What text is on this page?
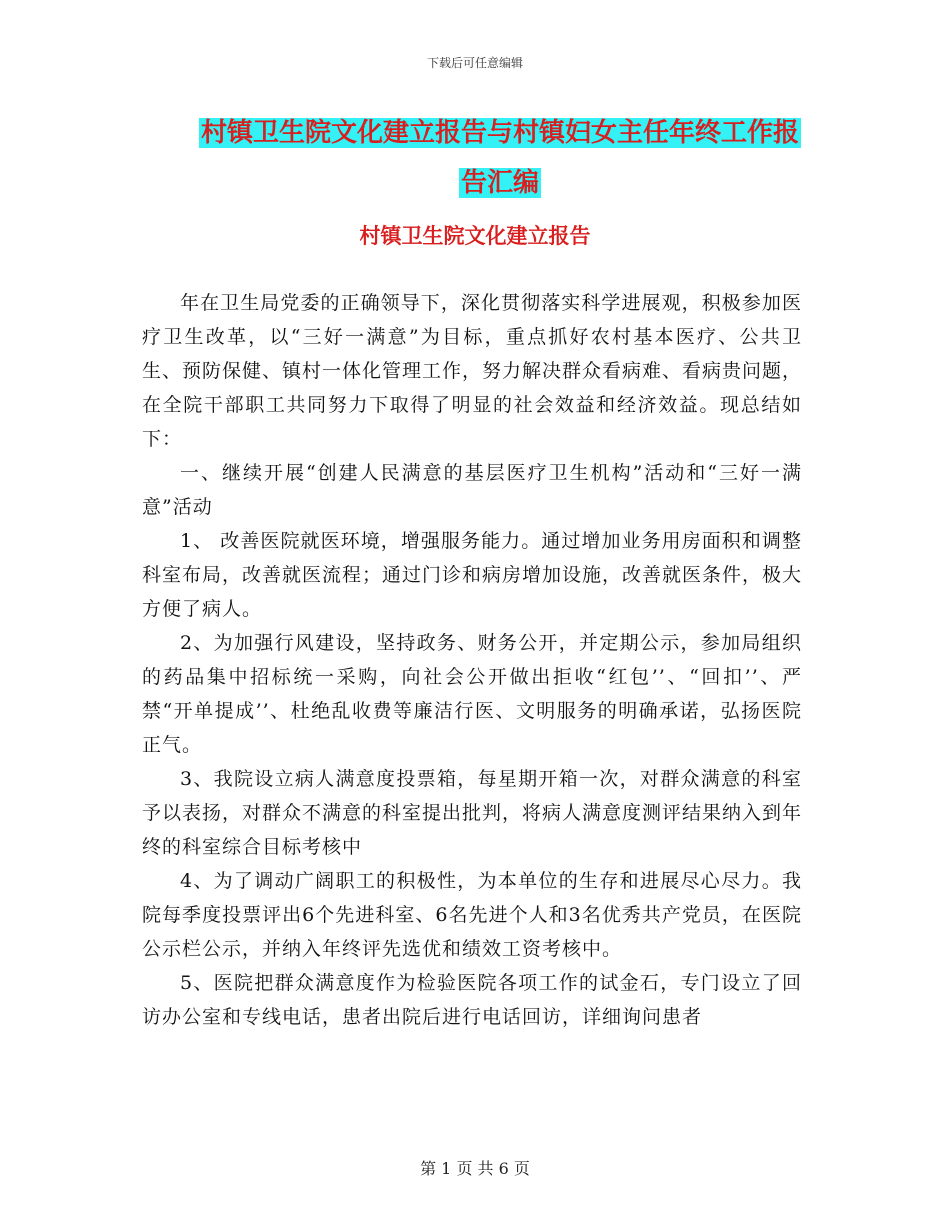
下载后可任意编辑
村镇卫生院文化建立报告与村镇妇女主任年终工作报
告汇编
村镇卫生院文化建立报告

年在卫生局党委的正确领导下，深化贯彻落实科学进展观，积极参加医疗卫生改革，以“三好一满意”为目标，重点抓好农村基本医疗、公共卫生、预防保健、镇村一体化管理工作，努力解决群众看病难、看病贵问题，在全院干部职工共同努力下取得了明显的社会效益和经济效益。现总结如下：

一、继续开展“创建人民满意的基层医疗卫生机构”活动和“三好一满意”活动

1、 改善医院就医环境，增强服务能力。通过增加业务用房面积和调整科室布局，改善就医流程；通过门诊和病房增加设施，改善就医条件，极大方便了病人。

2、为加强行风建设，坚持政务、财务公开，并定期公示，参加局组织的药品集中招标统一采购，向社会公开做出拒收“红包’’、“回扣’’、严禁“开单提成’’、杜绝乱收费等廉洁行医、文明服务的明确承诺，弘扬医院正气。

3、我院设立病人满意度投票箱，每星期开箱一次，对群众满意的科室予以表扬，对群众不满意的科室提出批判，将病人满意度测评结果纳入到年终的科室综合目标考核中

4、为了调动广阔职工的积极性，为本单位的生存和进展尽心尽力。我院每季度投票评出6个先进科室、6名先进个人和3名优秀共产党员，在医院公示栏公示，并纳入年终评先选优和绩效工资考核中。

5、医院把群众满意度作为检验医院各项工作的试金石，专门设立了回访办公室和专线电话，患者出院后进行电话回访，详细询问患者

第 1 页 共 6 页
